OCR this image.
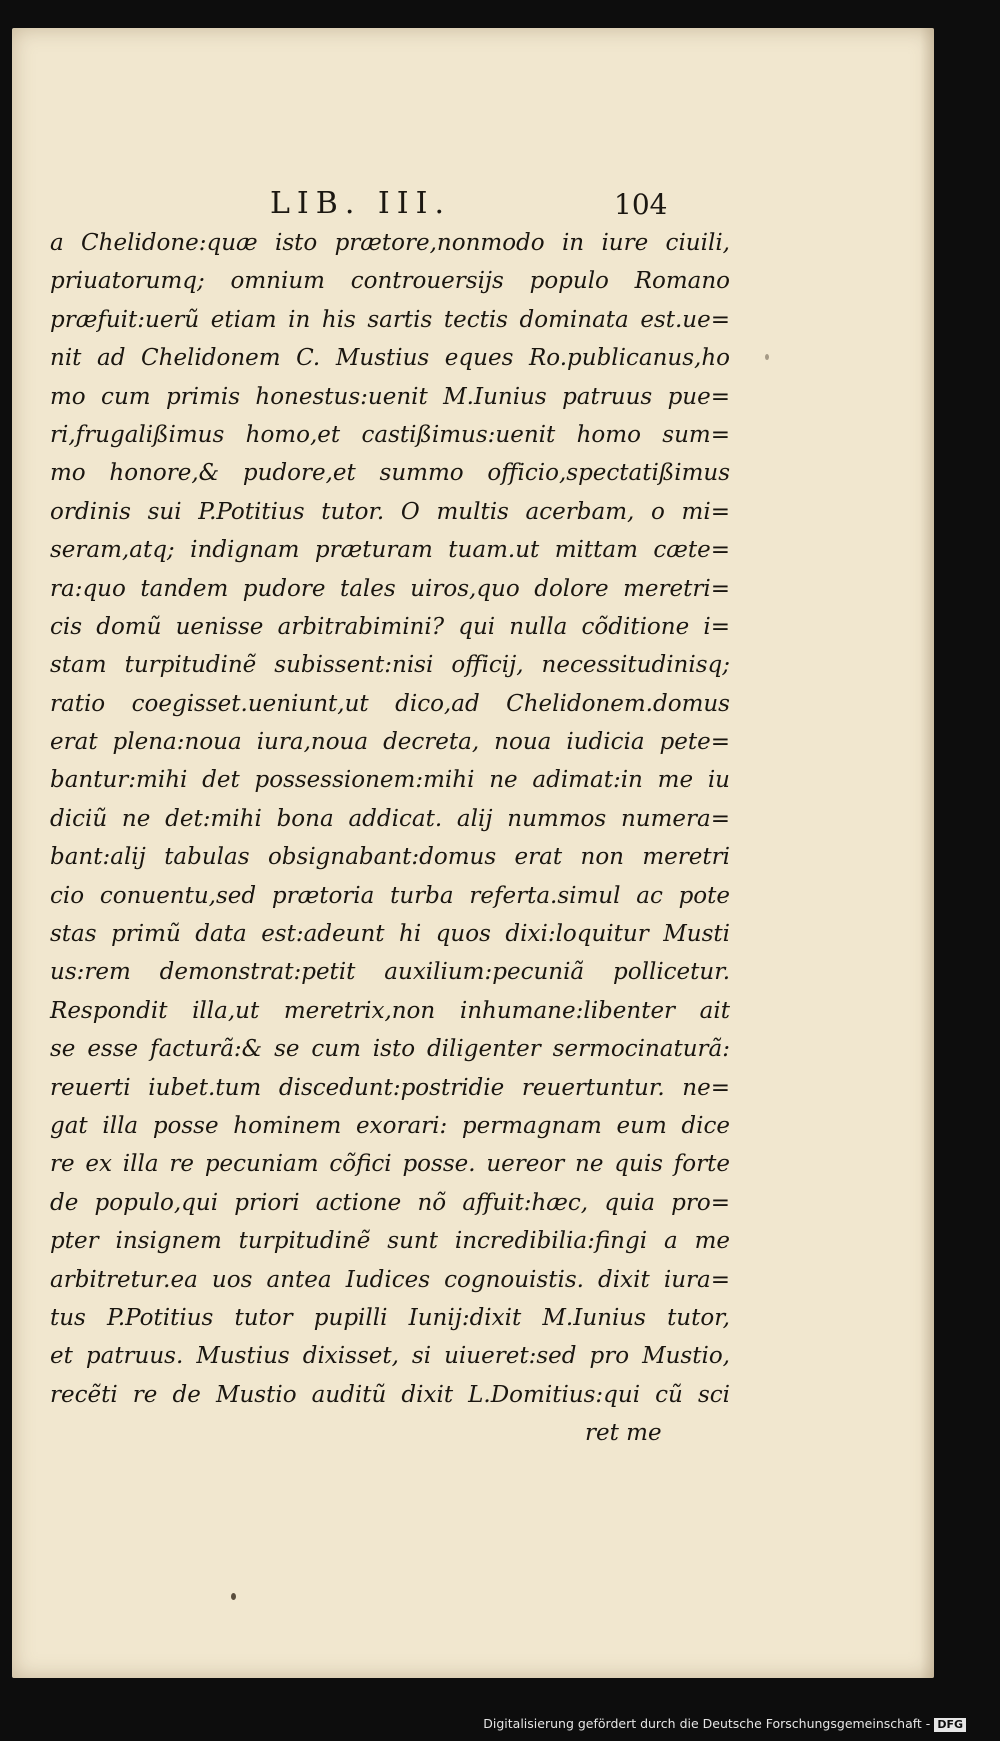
LIB. III.	104
a Chelidone:quæ isto prætore,nonmodo in iure ciuili,
priuatorumq; omnium controuersijs populo Romano
præfuit:uerũ etiam in his sartis tectis dominata est.ue=
nit ad Chelidonem C. Mustius eques Ro.publicanus,ho
mo cum primis honestus:uenit M.Iunius patruus pue=
ri,frugalißimus homo,et castißimus:uenit homo sum=
mo honore,& pudore,et summo officio,spectatißimus
ordinis sui P.Potitius tutor. O multis acerbam, o mi=
seram,atq; indignam præturam tuam.ut mittam cæte=
ra:quo tandem pudore tales uiros,quo dolore meretri=
cis domũ uenisse arbitrabimini? qui nulla cõditione i=
stam turpitudinẽ subissent:nisi officij, necessitudinisq;
ratio coegisset.ueniunt,ut dico,ad Chelidonem.domus
erat plena:noua iura,noua decreta, noua iudicia pete=
bantur:mihi det possessionem:mihi ne adimat:in me iu
diciũ ne det:mihi bona addicat. alij nummos numera=
bant:alij tabulas obsignabant:domus erat non meretri
cio conuentu,sed prætoria turba referta.simul ac pote
stas primũ data est:adeunt hi quos dixi:loquitur Musti
us:rem demonstrat:petit auxilium:pecuniã pollicetur.
Respondit illa,ut meretrix,non inhumane:libenter ait
se esse facturã:& se cum isto diligenter sermocinaturã:
reuerti iubet.tum discedunt:postridie reuertuntur. ne=
gat illa posse hominem exorari: permagnam eum dice
re ex illa re pecuniam cõfici posse. uereor ne quis forte
de populo,qui priori actione nõ affuit:hæc, quia pro=
pter insignem turpitudinẽ sunt incredibilia:fingi a me
arbitretur.ea uos antea Iudices cognouistis. dixit iura=
tus P.Potitius tutor pupilli Iunij:dixit M.Iunius tutor,
et patruus. Mustius dixisset, si uiueret:sed pro Mustio,
recẽti re de Mustio auditũ dixit L.Domitius:qui cũ sci
ret me
Digitalisierung gefördert durch die Deutsche Forschungsgemeinschaft - DFG
